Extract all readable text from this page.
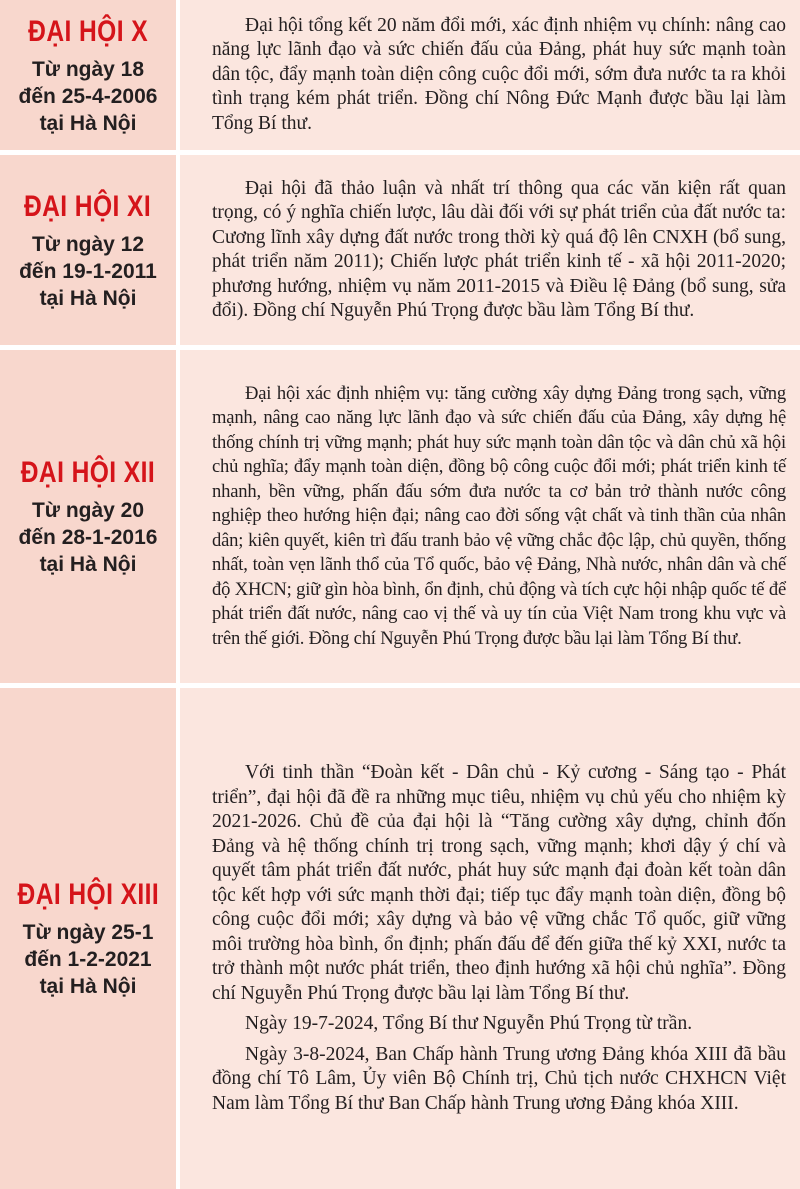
ĐẠI HỘI X
Từ ngày 18
đến 25-4-2006
tại Hà Nội

Đại hội tổng kết 20 năm đổi mới, xác định nhiệm vụ chính: nâng cao năng lực lãnh đạo và sức chiến đấu của Đảng, phát huy sức mạnh toàn dân tộc, đẩy mạnh toàn diện công cuộc đổi mới, sớm đưa nước ta ra khỏi tình trạng kém phát triển. Đồng chí Nông Đức Mạnh được bầu lại làm Tổng Bí thư.

ĐẠI HỘI XI
Từ ngày 12
đến 19-1-2011
tại Hà Nội

Đại hội đã thảo luận và nhất trí thông qua các văn kiện rất quan trọng, có ý nghĩa chiến lược, lâu dài đối với sự phát triển của đất nước ta: Cương lĩnh xây dựng đất nước trong thời kỳ quá độ lên CNXH (bổ sung, phát triển năm 2011); Chiến lược phát triển kinh tế - xã hội 2011-2020; phương hướng, nhiệm vụ năm 2011-2015 và Điều lệ Đảng (bổ sung, sửa đổi). Đồng chí Nguyễn Phú Trọng được bầu làm Tổng Bí thư.

ĐẠI HỘI XII
Từ ngày 20
đến 28-1-2016
tại Hà Nội

Đại hội xác định nhiệm vụ: tăng cường xây dựng Đảng trong sạch, vững mạnh, nâng cao năng lực lãnh đạo và sức chiến đấu của Đảng, xây dựng hệ thống chính trị vững mạnh; phát huy sức mạnh toàn dân tộc và dân chủ xã hội chủ nghĩa; đẩy mạnh toàn diện, đồng bộ công cuộc đổi mới; phát triển kinh tế nhanh, bền vững, phấn đấu sớm đưa nước ta cơ bản trở thành nước công nghiệp theo hướng hiện đại; nâng cao đời sống vật chất và tinh thần của nhân dân; kiên quyết, kiên trì đấu tranh bảo vệ vững chắc độc lập, chủ quyền, thống nhất, toàn vẹn lãnh thổ của Tổ quốc, bảo vệ Đảng, Nhà nước, nhân dân và chế độ XHCN; giữ gìn hòa bình, ổn định, chủ động và tích cực hội nhập quốc tế để phát triển đất nước, nâng cao vị thế và uy tín của Việt Nam trong khu vực và trên thế giới. Đồng chí Nguyễn Phú Trọng được bầu lại làm Tổng Bí thư.

ĐẠI HỘI XIII
Từ ngày 25-1
đến 1-2-2021
tại Hà Nội

Với tinh thần “Đoàn kết - Dân chủ - Kỷ cương - Sáng tạo - Phát triển”, đại hội đã đề ra những mục tiêu, nhiệm vụ chủ yếu cho nhiệm kỳ 2021-2026. Chủ đề của đại hội là “Tăng cường xây dựng, chỉnh đốn Đảng và hệ thống chính trị trong sạch, vững mạnh; khơi dậy ý chí và quyết tâm phát triển đất nước, phát huy sức mạnh đại đoàn kết toàn dân tộc kết hợp với sức mạnh thời đại; tiếp tục đẩy mạnh toàn diện, đồng bộ công cuộc đổi mới; xây dựng và bảo vệ vững chắc Tổ quốc, giữ vững môi trường hòa bình, ổn định; phấn đấu để đến giữa thế kỷ XXI, nước ta trở thành một nước phát triển, theo định hướng xã hội chủ nghĩa”. Đồng chí Nguyễn Phú Trọng được bầu lại làm Tổng Bí thư.

Ngày 19-7-2024, Tổng Bí thư Nguyễn Phú Trọng từ trần.

Ngày 3-8-2024, Ban Chấp hành Trung ương Đảng khóa XIII đã bầu đồng chí Tô Lâm, Ủy viên Bộ Chính trị, Chủ tịch nước CHXHCN Việt Nam làm Tổng Bí thư Ban Chấp hành Trung ương Đảng khóa XIII.
